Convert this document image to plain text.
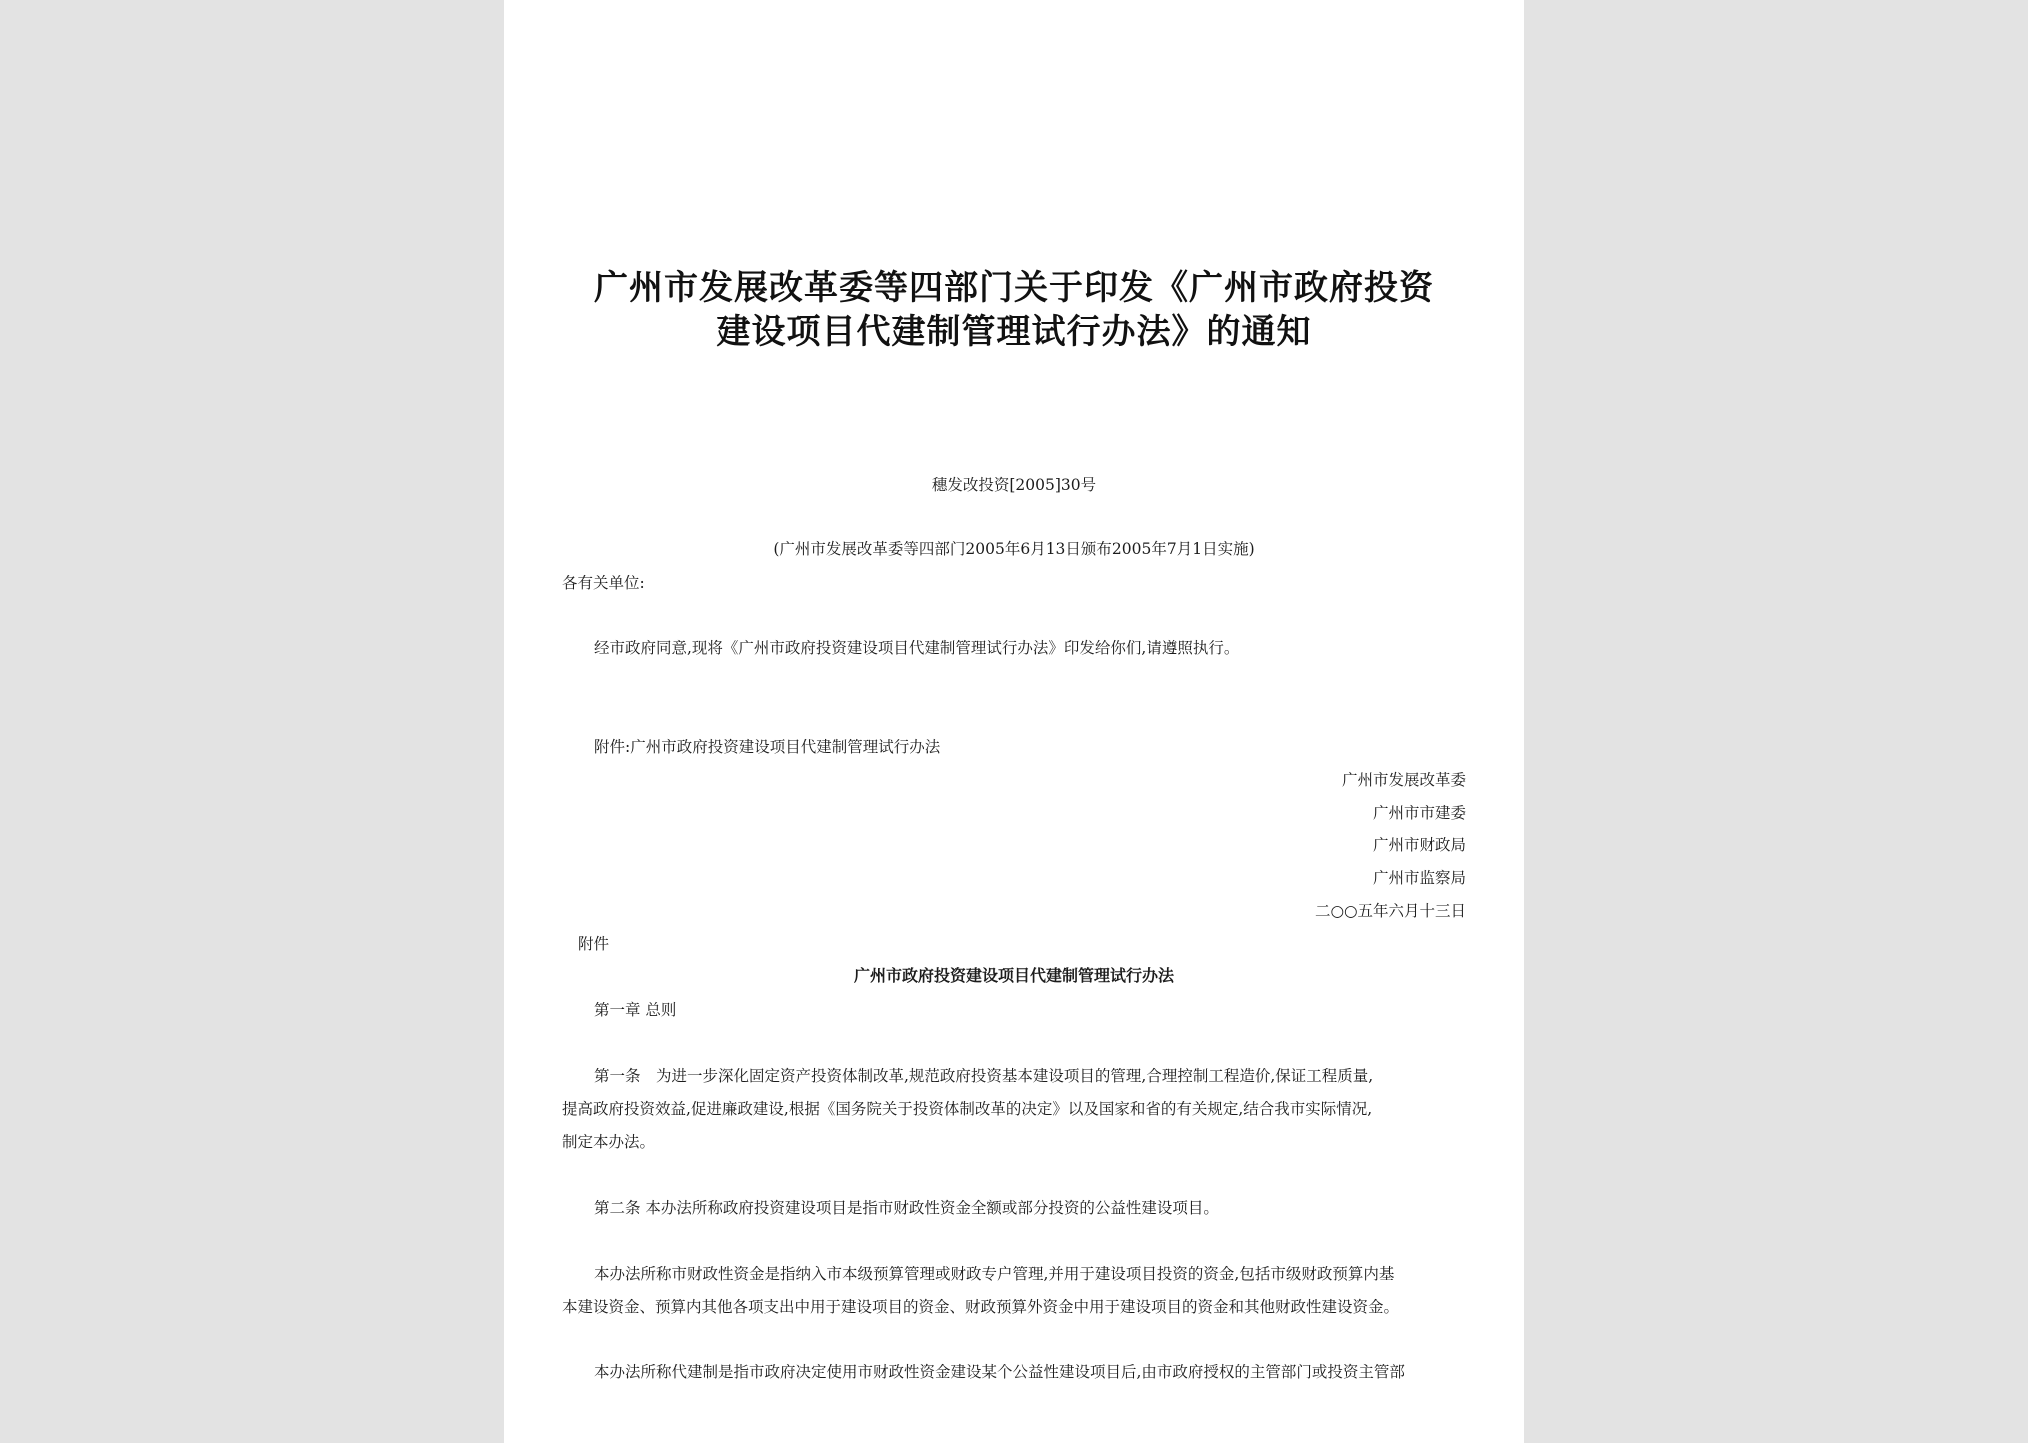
广州市发展改革委等四部门关于印发《广州市政府投资
建设项目代建制管理试行办法》的通知
穗发改投资[2005]30号
(广州市发展改革委等四部门2005年6月13日颁布2005年7月1日实施)
各有关单位:
经市政府同意,现将《广州市政府投资建设项目代建制管理试行办法》印发给你们,请遵照执行。
附件:广州市政府投资建设项目代建制管理试行办法
广州市发展改革委
广州市市建委
广州市财政局
广州市监察局
二○○五年六月十三日
附件
广州市政府投资建设项目代建制管理试行办法
第一章 总则
第一条　为进一步深化固定资产投资体制改革,规范政府投资基本建设项目的管理,合理控制工程造价,保证工程质量,
提高政府投资效益,促进廉政建设,根据《国务院关于投资体制改革的决定》以及国家和省的有关规定,结合我市实际情况,
制定本办法。
第二条 本办法所称政府投资建设项目是指市财政性资金全额或部分投资的公益性建设项目。
本办法所称市财政性资金是指纳入市本级预算管理或财政专户管理,并用于建设项目投资的资金,包括市级财政预算内基
本建设资金、预算内其他各项支出中用于建设项目的资金、财政预算外资金中用于建设项目的资金和其他财政性建设资金。
本办法所称代建制是指市政府决定使用市财政性资金建设某个公益性建设项目后,由市政府授权的主管部门或投资主管部
